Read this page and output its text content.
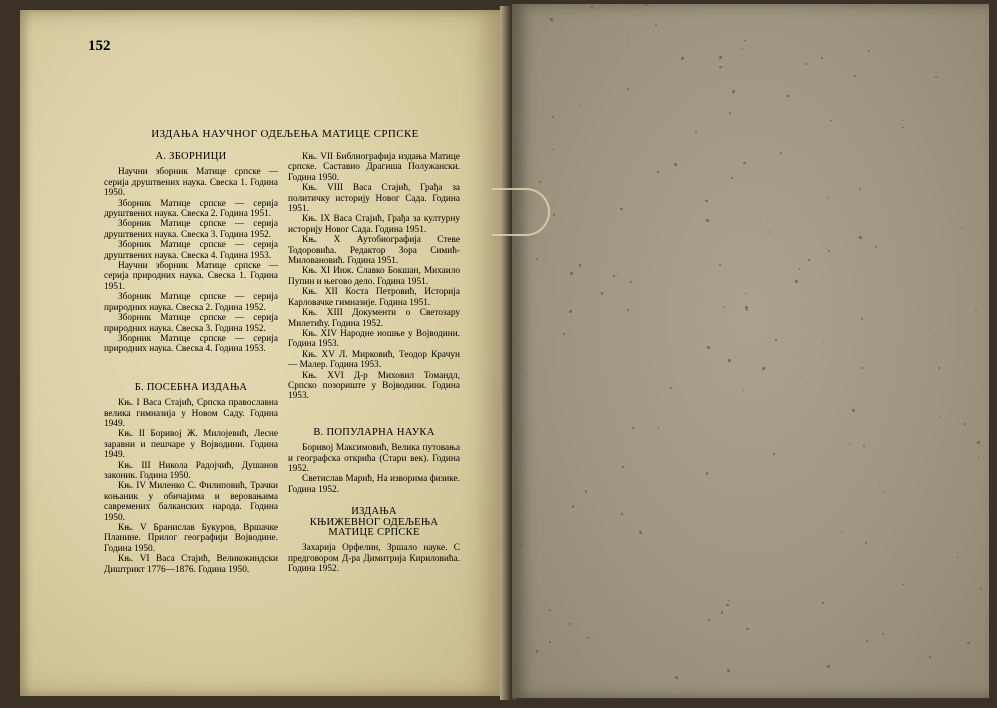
152
ИЗДАЊА НАУЧНОГ ОДЕЉЕЊА МАТИЦЕ СРПСКЕ
А. ЗБОРНИЦИ

Научни зборник Матице српске — серија друштвених наука. Свеска 1. Година 1950.

Зборник Матице српске — серија друштвених наука. Свеска 2. Година 1951.

Зборник Матице српске — серија друштвених наука. Свеска 3. Година 1952.

Зборник Матице српске — серија друштвених наука. Свеска 4. Година 1953.

Научни зборник Матице српске — серија природних наука. Свеска 1. Година 1951.

Зборник Матице српске — серија природних наука. Свеска 2. Година 1952.

Зборник Матице српске — серија природних наука. Свеска 3. Година 1952.

Зборник Матице српске — серија природних наука. Свеска 4. Година 1953.

Б. ПОСЕБНА ИЗДАЊА

Књ. I Васа Стајић, Српска православна велика гимназија у Новом Саду. Година 1949.

Књ. II Боривој Ж. Милојевић, Лесне заравни и пешчаре у Војводини. Година 1949.

Књ. III Никола Радојчић, Душанов законик. Година 1950.

Књ. IV Миленко С. Филиповић, Трачки коњаник у обичајима и веровањима савремених балканских народа. Година 1950.

Књ. V Бранислав Букуров, Вршачке Планине. Прилог географији Војводине. Година 1950.

Књ. VI Васа Стајић, Великокиндски Диштрикт 1776—1876. Година 1950.

Књ. VII Библиографија издања Матице српске. Саставио Драгиша Полужански. Година 1950.

Књ. VIII Васа Стајић, Грађа за политичку историју Новог Сада. Година 1951.

Књ. IX Васа Стајић, Грађа за културну историју Новог Сада. Година 1951.

Књ. X Аутобиографија Стеве Тодоровића. Редактор Зора Симић-Миловановић. Година 1951.

Књ. XI Инж. Славко Бокшан, Михаило Пупин и његово дело. Година 1951.

Књ. XII Коста Петровић, Историја Карловачке гимназије. Година 1951.

Књ. XIII Документи о Светозару Милетићу. Година 1952.

Књ. XIV Народне ношње у Војводини. Година 1953.

Књ. XV Л. Мирковић, Теодор Крачун — Малер. Година 1953.

Књ. XVI Д-р Миховил Томандл, Српско позориште у Војводини. Година 1953.

В. ПОПУЛАРНА НАУКА

Боривој Максимовић, Велика путовања и географска открића (Стари век). Година 1952.

Светислав Марић, На изворима физике. Година 1952.

ИЗДАЊА
КЊИЖЕВНОГ ОДЕЉЕЊА
МАТИЦЕ СРПСКЕ

Захарија Орфелин, Зршало науке. С предговором Д-ра Димитрија Кириловића. Година 1952.
